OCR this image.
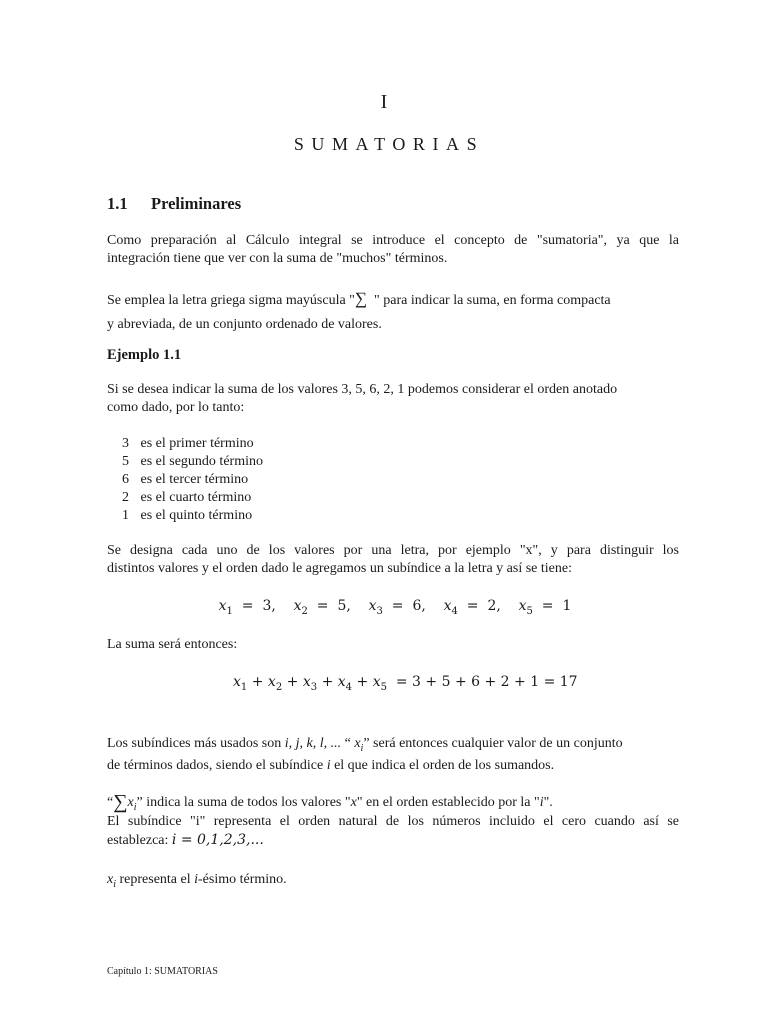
I
SUMATORIAS
1.1 Preliminares
Como preparación al Cálculo integral se introduce el concepto de "sumatoria", ya que la
integración tiene que ver con la suma de "muchos" términos.
Se emplea la letra griega sigma mayúscula "∑ " para indicar la suma, en forma compacta
y abreviada, de un conjunto ordenado de valores.
Ejemplo 1.1
Si se desea indicar la suma de los valores 3, 5, 6, 2, 1 podemos considerar el orden anotado
como dado, por lo tanto:
3 es el primer término
5 es el segundo término
6 es el tercer término
2 es el cuarto término
1 es el quinto término
Se designa cada uno de los valores por una letra, por ejemplo "x", y para distinguir los
distintos valores y el orden dado le agregamos un subíndice a la letra y así se tiene:
$x_1 = 3$,    $x_2 = 5$,    $x_3 = 6$,    $x_4 = 2$,    $x_5 = 1$
La suma será entonces:
$x_1 + x_2 + x_3 + x_4 + x_5 = 3 + 5 + 6 + 2 + 1 = 17$
Los subíndices más usados son i, j, k, l, ... “ $x_i$” será entonces cualquier valor de un conjunto
de términos dados, siendo el subíndice i el que indica el orden de los sumandos.
“$\sum x_i$” indica la suma de todos los valores "x" en el orden establecido por la "i".
El subíndice "i" representa el orden natural de los números incluido el cero cuando así se
establezca: i = 0,1,2,3,...
$x_i$ representa el i-ésimo término.
Capítulo 1: SUMATORIAS
